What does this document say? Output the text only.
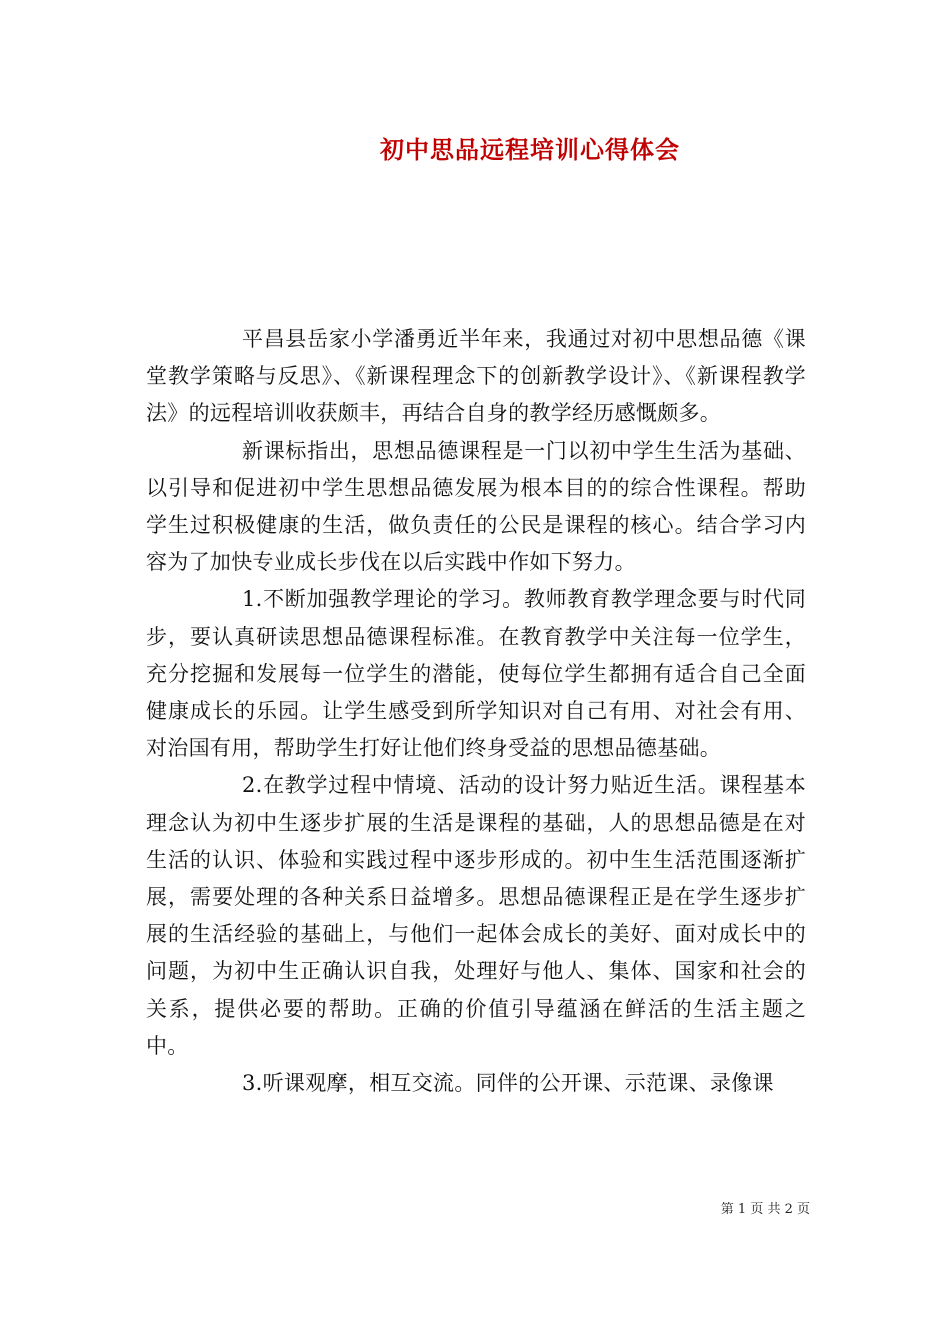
初中思品远程培训心得体会

平昌县岳家小学潘勇近半年来，我通过对初中思想品德《课堂教学策略与反思》、《新课程理念下的创新教学设计》、《新课程教学法》的远程培训收获颇丰，再结合自身的教学经历感慨颇多。

新课标指出，思想品德课程是一门以初中学生生活为基础、以引导和促进初中学生思想品德发展为根本目的的综合性课程。帮助学生过积极健康的生活，做负责任的公民是课程的核心。结合学习内容为了加快专业成长步伐在以后实践中作如下努力。

1.不断加强教学理论的学习。教师教育教学理念要与时代同步，要认真研读思想品德课程标准。在教育教学中关注每一位学生，充分挖掘和发展每一位学生的潜能，使每位学生都拥有适合自己全面健康成长的乐园。让学生感受到所学知识对自己有用、对社会有用、对治国有用，帮助学生打好让他们终身受益的思想品德基础。

2.在教学过程中情境、活动的设计努力贴近生活。课程基本理念认为初中生逐步扩展的生活是课程的基础，人的思想品德是在对生活的认识、体验和实践过程中逐步形成的。初中生生活范围逐渐扩展，需要处理的各种关系日益增多。思想品德课程正是在学生逐步扩展的生活经验的基础上，与他们一起体会成长的美好、面对成长中的问题，为初中生正确认识自我，处理好与他人、集体、国家和社会的关系，提供必要的帮助。正确的价值引导蕴涵在鲜活的生活主题之中。

3.听课观摩，相互交流。同伴的公开课、示范课、录像课

第 1 页 共 2 页
